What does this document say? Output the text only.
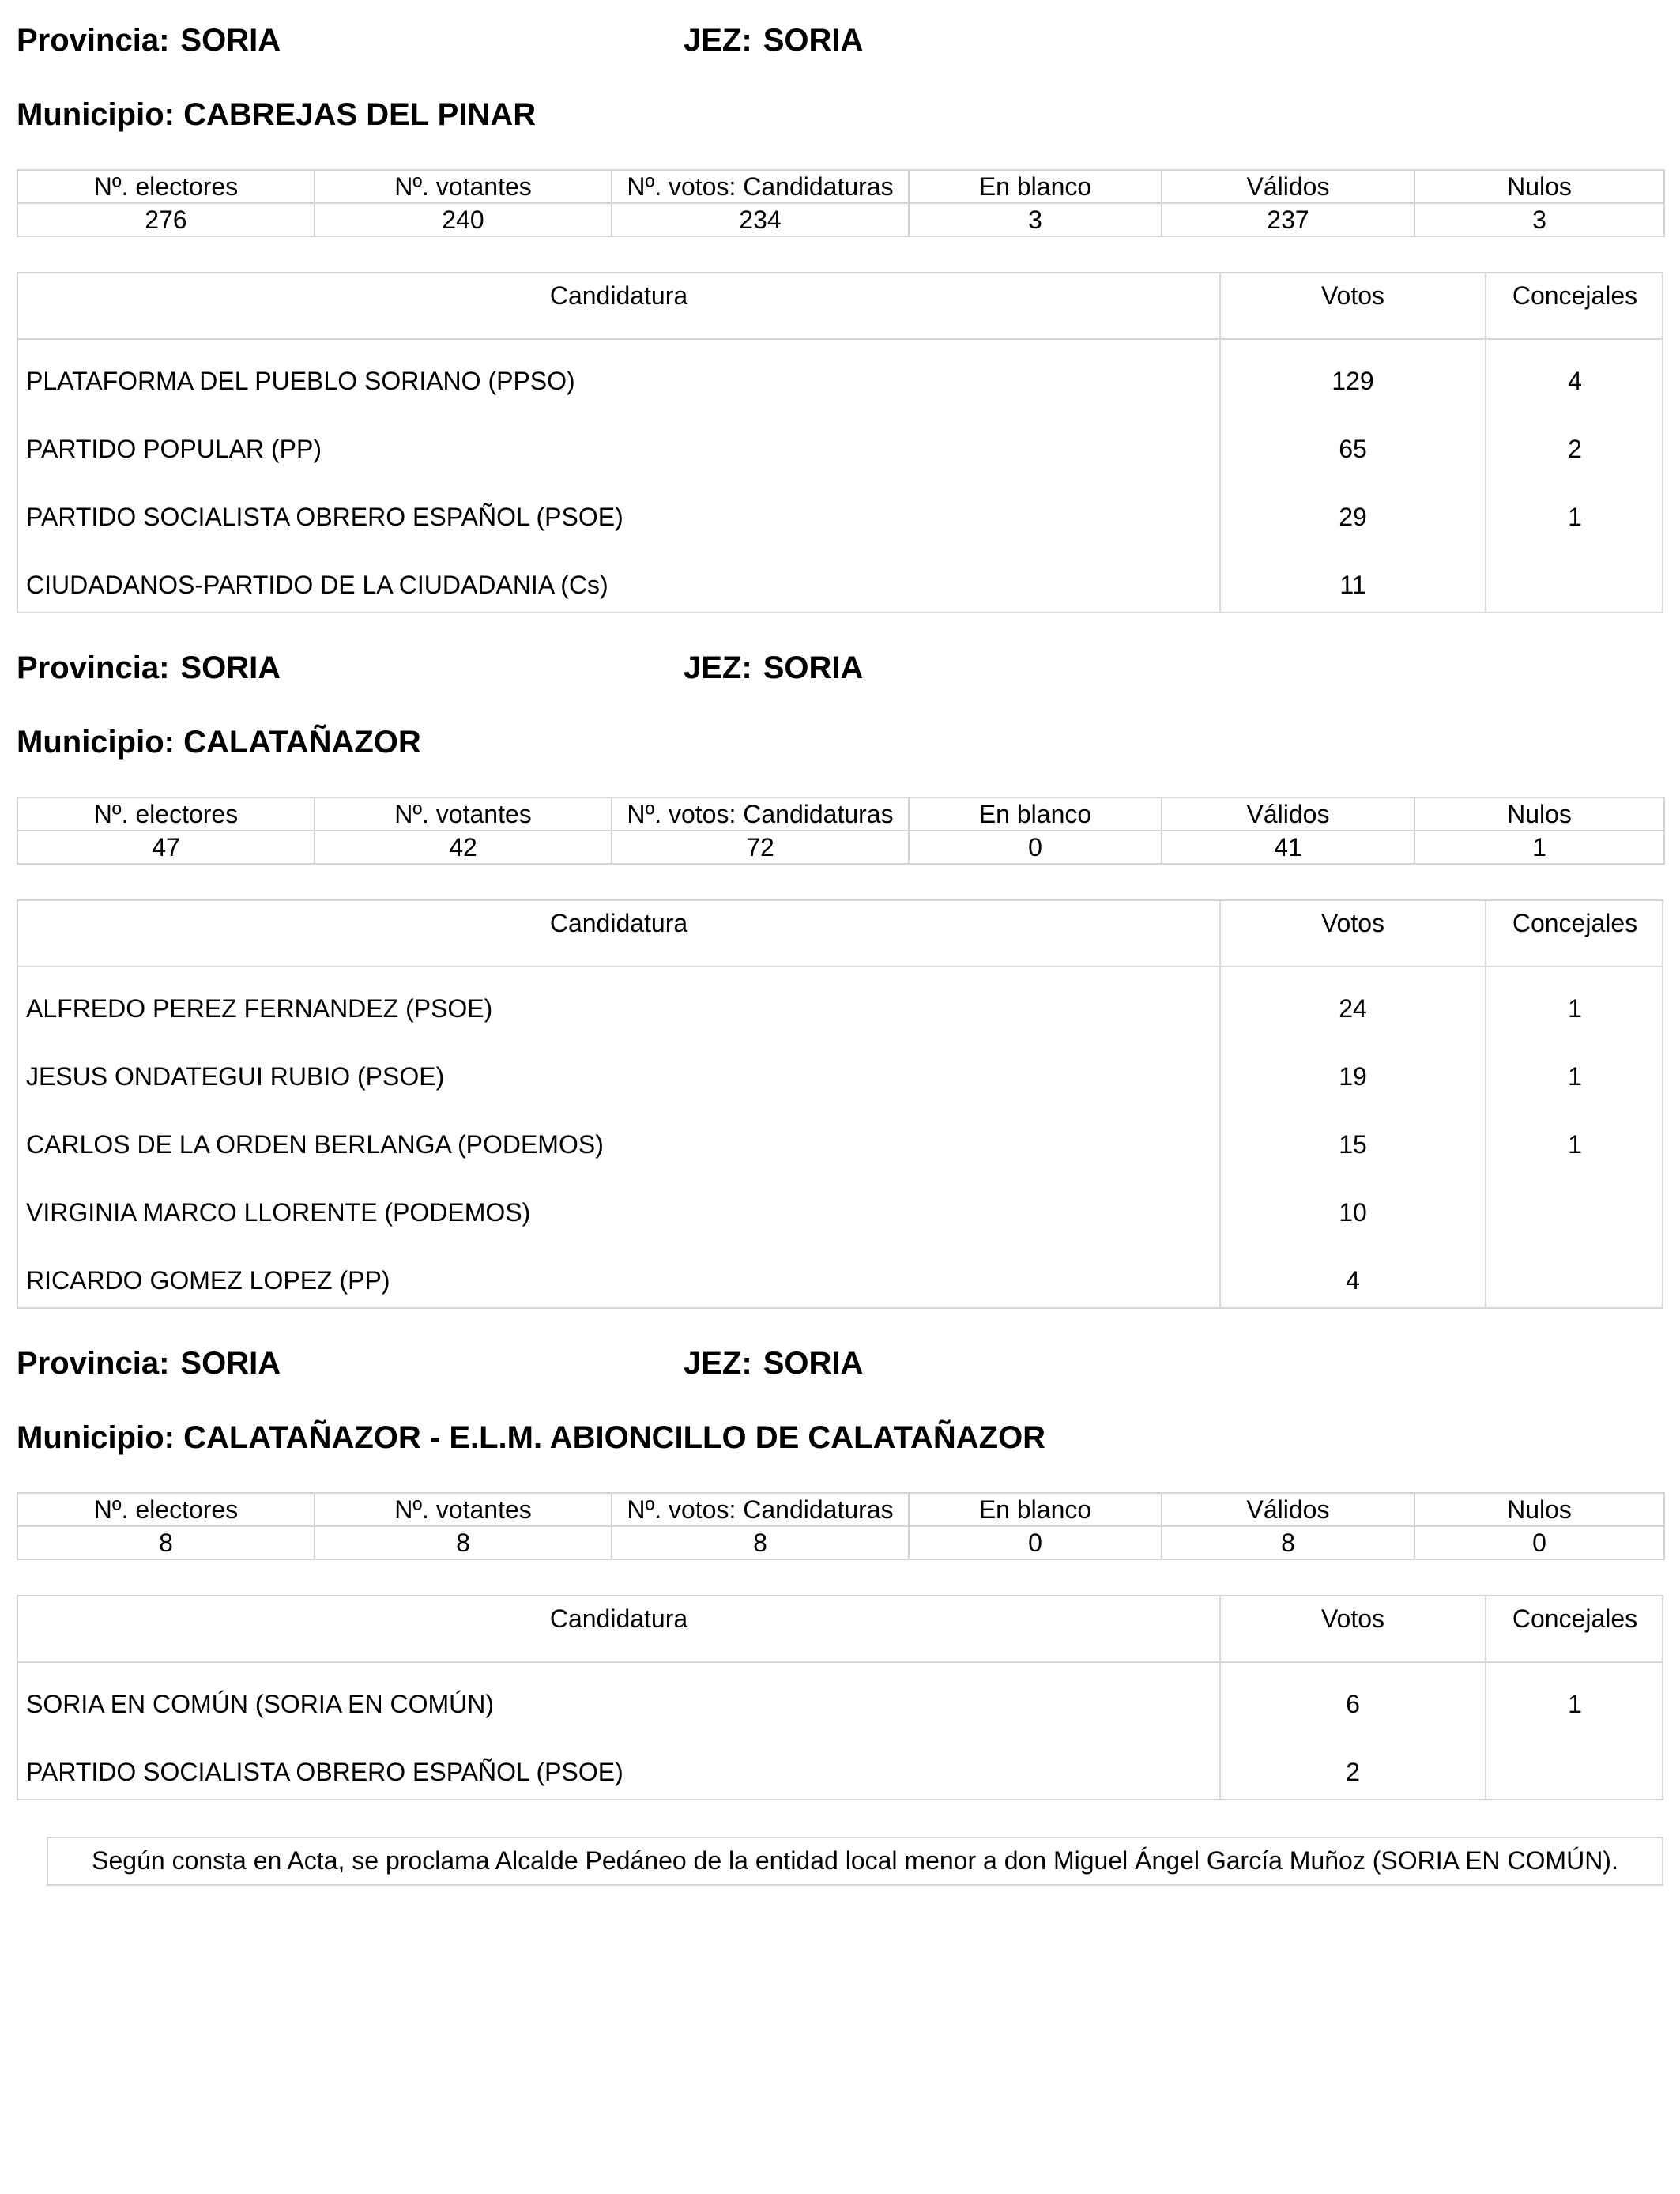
Provincia: SORIA	JEZ: SORIA
Municipio: CABREJAS DEL PINAR
Nº. electores	Nº. votantes	Nº. votos: Candidaturas	En blanco	Válidos	Nulos
276	240	234	3	237	3
Candidatura	Votos	Concejales
PLATAFORMA DEL PUEBLO SORIANO (PPSO)	129	4
PARTIDO POPULAR (PP)	65	2
PARTIDO SOCIALISTA OBRERO ESPAÑOL (PSOE)	29	1
CIUDADANOS-PARTIDO DE LA CIUDADANIA (Cs)	11
Provincia: SORIA	JEZ: SORIA
Municipio: CALATAÑAZOR
Nº. electores	Nº. votantes	Nº. votos: Candidaturas	En blanco	Válidos	Nulos
47	42	72	0	41	1
Candidatura	Votos	Concejales
ALFREDO PEREZ FERNANDEZ (PSOE)	24	1
JESUS ONDATEGUI RUBIO (PSOE)	19	1
CARLOS DE LA ORDEN BERLANGA (PODEMOS)	15	1
VIRGINIA MARCO LLORENTE (PODEMOS)	10
RICARDO GOMEZ LOPEZ (PP)	4
Provincia: SORIA	JEZ: SORIA
Municipio: CALATAÑAZOR - E.L.M. ABIONCILLO DE CALATAÑAZOR
Nº. electores	Nº. votantes	Nº. votos: Candidaturas	En blanco	Válidos	Nulos
8	8	8	0	8	0
Candidatura	Votos	Concejales
SORIA EN COMÚN (SORIA EN COMÚN)	6	1
PARTIDO SOCIALISTA OBRERO ESPAÑOL (PSOE)	2
Según consta en Acta, se proclama Alcalde Pedáneo de la entidad local menor a don Miguel Ángel García Muñoz (SORIA EN COMÚN).
